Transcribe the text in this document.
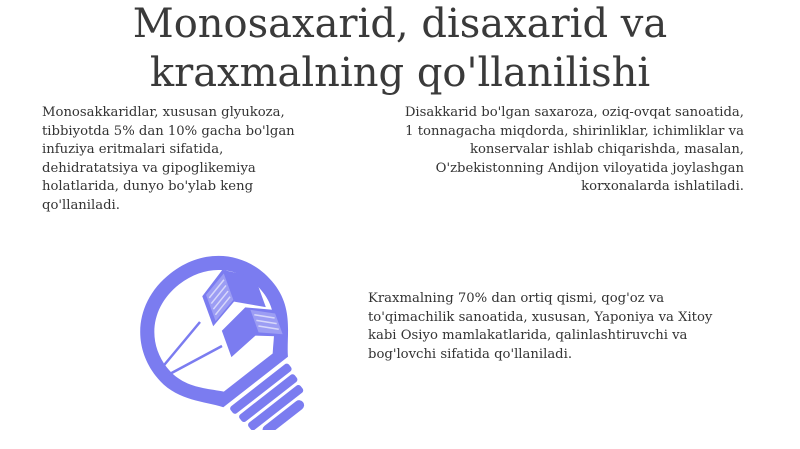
Monosaxarid, disaxarid va
kraxmalning qo'llanilishi
Monosakkaridlar, xususan glyukoza,
tibbiyotda 5% dan 10% gacha bo'lgan
infuziya eritmalari sifatida,
dehidratatsiya va gipoglikemiya
holatlarida, dunyo bo'ylab keng
qo'llaniladi.
Disakkarid bo'lgan saxaroza, oziq-ovqat sanoatida,
1 tonnagacha miqdorda, shirinliklar, ichimliklar va
konservalar ishlab chiqarishda, masalan,
O'zbekistonning Andijon viloyatida joylashgan
korxonalarda ishlatiladi.
Kraxmalning 70% dan ortiq qismi, qog'oz va
to'qimachilik sanoatida, xususan, Yaponiya va Xitoy
kabi Osiyo mamlakatlarida, qalinlashtiruvchi va
bog'lovchi sifatida qo'llaniladi.
